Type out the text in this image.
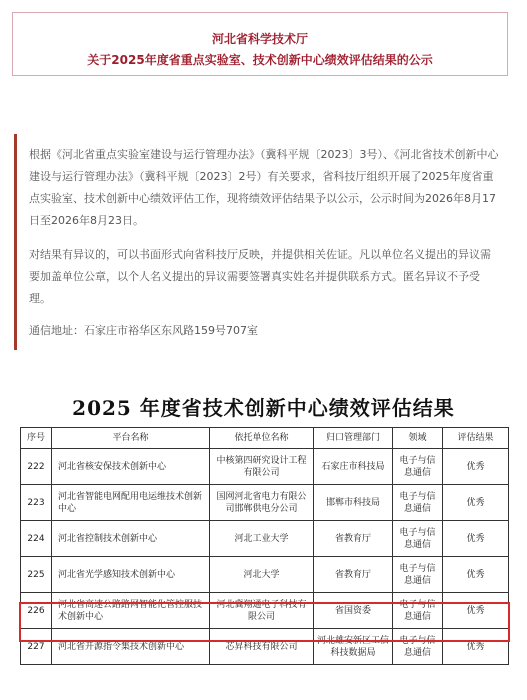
河北省科学技术厅
关于2025年度省重点实验室、技术创新中心绩效评估结果的公示

根据《河北省重点实验室建设与运行管理办法》（冀科平规〔2023〕3号）、《河北省技术创新中心建设与运行管理办法》（冀科平规〔2023〕2号）有关要求，省科技厅组织开展了2025年度省重点实验室、技术创新中心绩效评估工作，现将绩效评估结果予以公示，公示时间为2026年8月17日至2026年8月23日。

对结果有异议的，可以书面形式向省科技厅反映，并提供相关佐证。凡以单位名义提出的异议需要加盖单位公章，以个人名义提出的异议需要签署真实姓名并提供联系方式。匿名异议不予受理。

通信地址：石家庄市裕华区东风路159号707室

2025 年度省技术创新中心绩效评估结果
序号	平台名称	依托单位名称	归口管理部门	领域	评估结果
222	河北省核安保技术创新中心	中核第四研究设计工程有限公司	石家庄市科技局	电子与信息通信	优秀
223	河北省智能电网配用电运维技术创新中心	国网河北省电力有限公司邯郸供电分公司	邯郸市科技局	电子与信息通信	优秀
224	河北省控制技术创新中心	河北工业大学	省教育厅	电子与信息通信	优秀
225	河北省光学感知技术创新中心	河北大学	省教育厅	电子与信息通信	优秀
226	河北省高速公路路网智能化管控服技术创新中心	河北冀翔通电子科技有限公司	省国资委	电子与信息通信	优秀
227	河北省开源指令集技术创新中心	芯昇科技有限公司	河北雄安新区工信科技数据局	电子与信息通信	优秀
